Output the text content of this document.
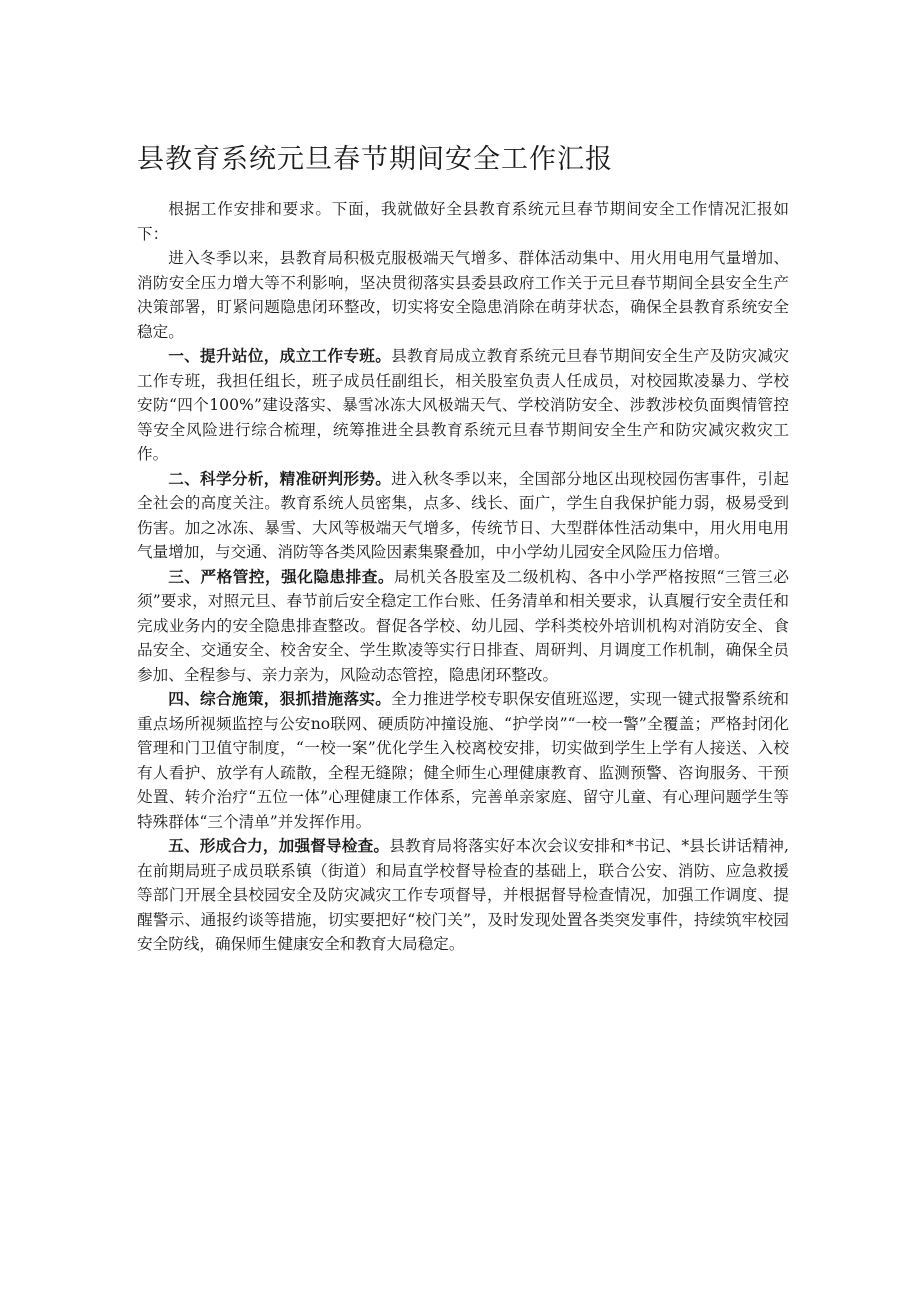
县教育系统元旦春节期间安全工作汇报

根据工作安排和要求。下面，我就做好全县教育系统元旦春节期间安全工作情况汇报如下：

进入冬季以来，县教育局积极克服极端天气增多、群体活动集中、用火用电用气量增加、消防安全压力增大等不利影响，坚决贯彻落实县委县政府工作关于元旦春节期间全县安全生产决策部署，盯紧问题隐患闭环整改，切实将安全隐患消除在萌芽状态，确保全县教育系统安全稳定。

一、提升站位，成立工作专班。县教育局成立教育系统元旦春节期间安全生产及防灾减灾工作专班，我担任组长，班子成员任副组长，相关股室负责人任成员，对校园欺凌暴力、学校安防“四个100%”建设落实、暴雪冰冻大风极端天气、学校消防安全、涉教涉校负面舆情管控等安全风险进行综合梳理，统筹推进全县教育系统元旦春节期间安全生产和防灾减灾救灾工作。

二、科学分析，精准研判形势。进入秋冬季以来，全国部分地区出现校园伤害事件，引起全社会的高度关注。教育系统人员密集，点多、线长、面广，学生自我保护能力弱，极易受到伤害。加之冰冻、暴雪、大风等极端天气增多，传统节日、大型群体性活动集中，用火用电用气量增加，与交通、消防等各类风险因素集聚叠加，中小学幼儿园安全风险压力倍增。

三、严格管控，强化隐患排查。局机关各股室及二级机构、各中小学严格按照“三管三必须”要求，对照元旦、春节前后安全稳定工作台账、任务清单和相关要求，认真履行安全责任和完成业务内的安全隐患排查整改。督促各学校、幼儿园、学科类校外培训机构对消防安全、食品安全、交通安全、校舍安全、学生欺凌等实行日排查、周研判、月调度工作机制，确保全员参加、全程参与、亲力亲为，风险动态管控，隐患闭环整改。

四、综合施策，狠抓措施落实。全力推进学校专职保安值班巡逻，实现一键式报警系统和重点场所视频监控与公安no联网、硬质防冲撞设施、“护学岗”“一校一警”全覆盖；严格封闭化管理和门卫值守制度，“一校一案”优化学生入校离校安排，切实做到学生上学有人接送、入校有人看护、放学有人疏散，全程无缝隙；健全师生心理健康教育、监测预警、咨询服务、干预处置、转介治疗“五位一体”心理健康工作体系，完善单亲家庭、留守儿童、有心理问题学生等特殊群体“三个清单”并发挥作用。

五、形成合力，加强督导检查。县教育局将落实好本次会议安排和*书记、*县长讲话精神,在前期局班子成员联系镇（街道）和局直学校督导检查的基础上，联合公安、消防、应急救援等部门开展全县校园安全及防灾减灾工作专项督导，并根据督导检查情况，加强工作调度、提醒警示、通报约谈等措施，切实要把好“校门关”，及时发现处置各类突发事件，持续筑牢校园安全防线，确保师生健康安全和教育大局稳定。
